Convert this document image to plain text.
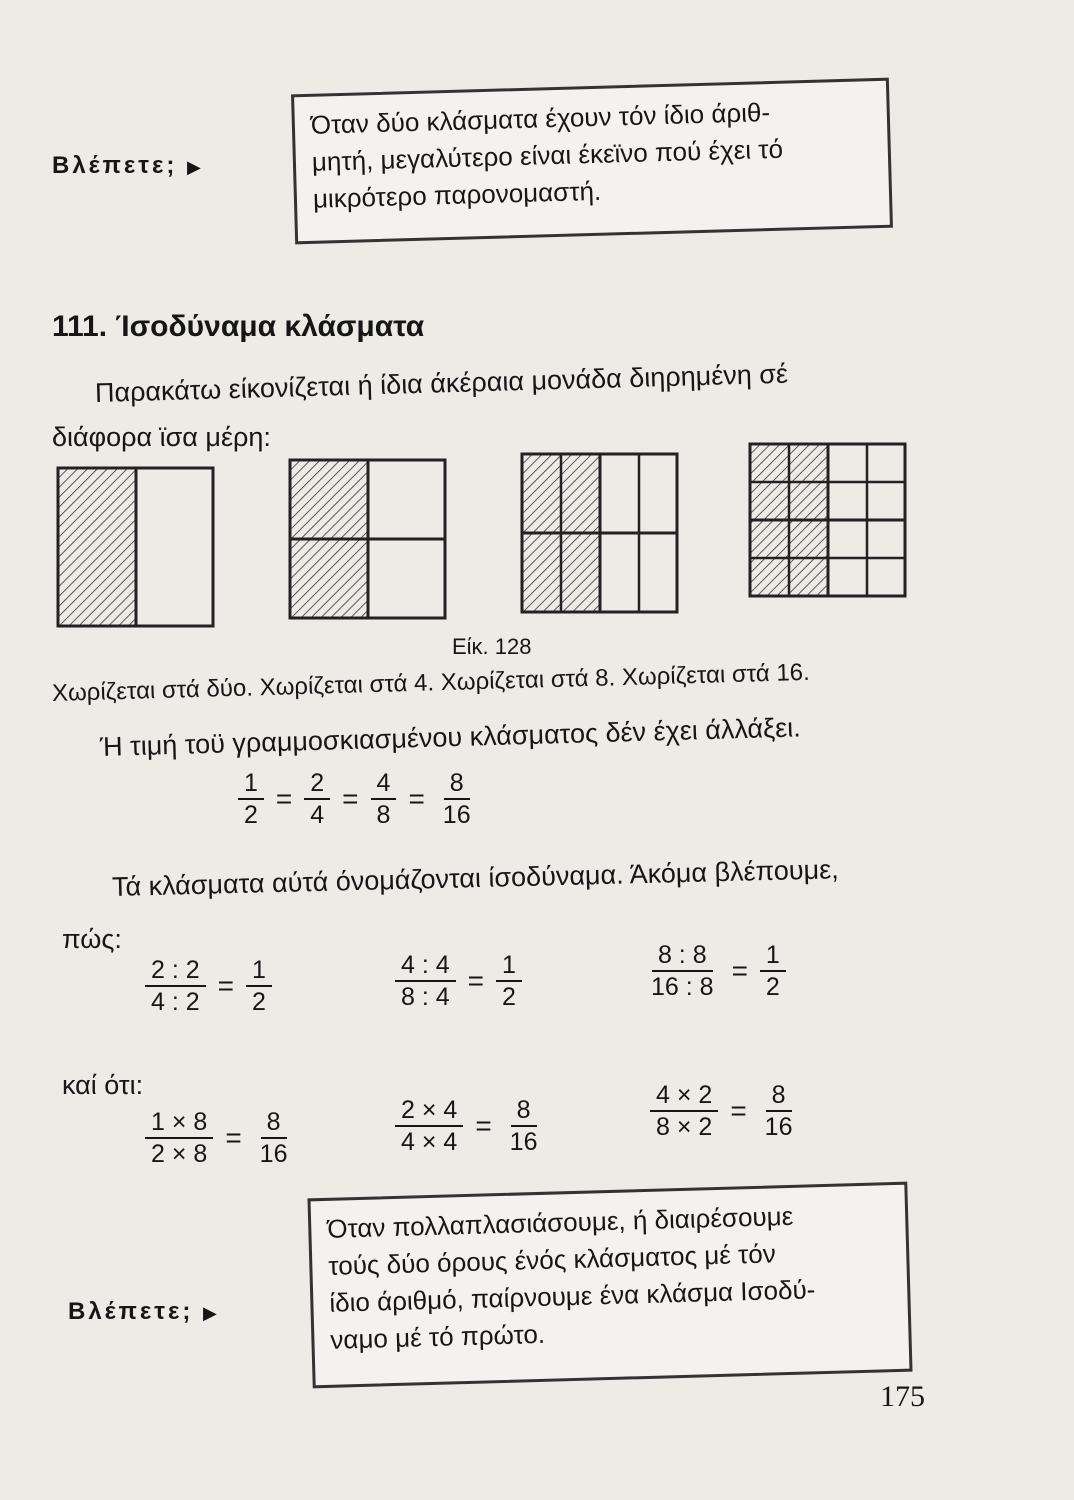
Βλέπετε; ▶
Όταν δύο κλάσματα έχουν τόν ίδιο άριθ-
μητή, μεγαλύτερο είναι έκεϊνο πού έχει τό
μικρότερο παρονομαστή.
111. Ίσοδύναμα κλάσματα
Παρακάτω είκονίζεται ή ίδια άκέραια μονάδα διηρημένη σέ
διάφορα ϊσα μέρη:
Είκ. 128
Χωρίζεται στά δύο. Χωρίζεται στά 4. Χωρίζεται στά 8. Χωρίζεται στά 16.
Ή τιμή τοϋ γραμμοσκιασμένου κλάσματος δέν έχει άλλάξει.
$\frac{1}{2} = \frac{2}{4} = \frac{4}{8} = \frac{8}{16}$
Τά κλάσματα αύτά όνομάζονται ίσοδύναμα. Άκόμα βλέπουμε,
πώς:
$\frac{2 : 2}{4 : 2} = \frac{1}{2}$	$\frac{4 : 4}{8 : 4} = \frac{1}{2}$	$\frac{8 : 8}{16 : 8} = \frac{1}{2}$
καί ότι:
$\frac{1 \times 8}{2 \times 8} = \frac{8}{16}$	$\frac{2 \times 4}{4 \times 4} = \frac{8}{16}$	$\frac{4 \times 2}{8 \times 2} = \frac{8}{16}$
Βλέπετε; ▶
Όταν πολλαπλασιάσουμε, ή διαιρέσουμε
τούς δύο όρους ένός κλάσματος μέ τόν
ίδιο άριθμό, παίρνουμε ένα κλάσμα Ισοδύ-
ναμο μέ τό πρώτο.
175
